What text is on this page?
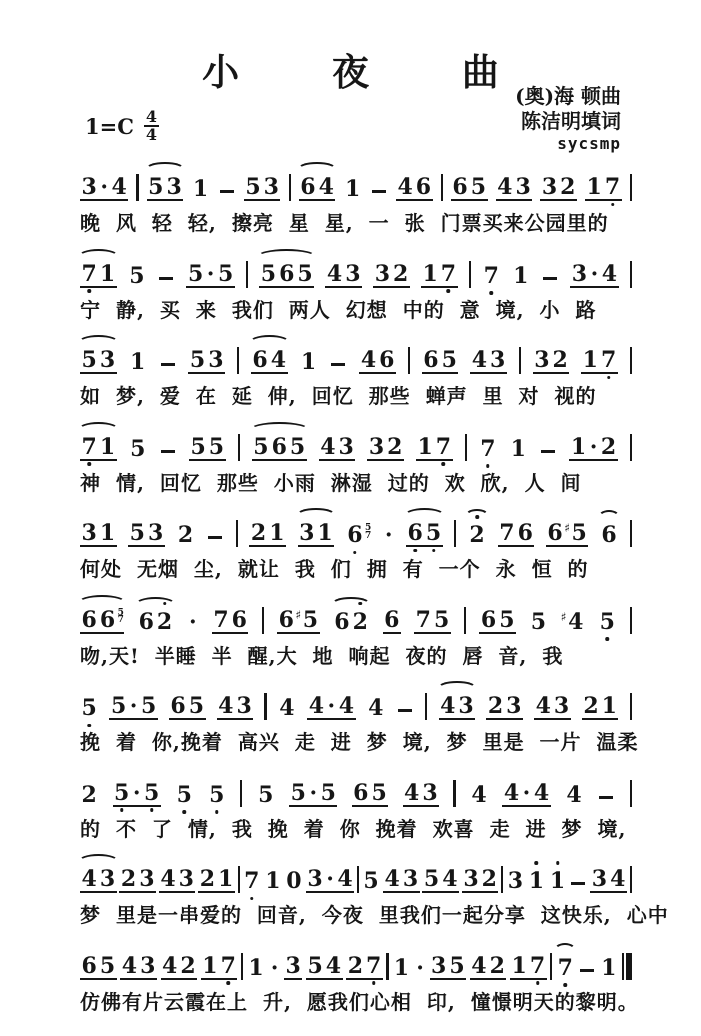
小 夜 曲
(奥)海 顿曲
陈洁明填词
sycsmp
$1=C \frac{4}{4}$
3 · 4 5 3 1 5 3 6 4 1 4 6 6 5 4 3 3 2 1 7
晚 风 轻 轻, 擦亮 星 星, 一 张 门票买来公园里的
7 1 5 5 · 5 5 6 5 4 3 3 2 1 7 7 1 3 · 4
宁 静, 买 来 我们 两人 幻想 中的 意 境, 小 路
5 3 1 5 3 6 4 1 4 6 6 5 4 3 3 2 1 7
如 梦, 爱 在 延 伸, 回忆 那些 蝉声 里 对 视的
7 1 5 5 5 5 6 5 4 3 3 2 1 7 7 1 1 · 2
神 情, 回忆 那些 小雨 淋湿 过的 欢 欣, 人 间
3 1 5 3 2	2 1 3 1 6 5
7 · 6 5 2 7 6 6 ♯ 5 6
何处 无烟 尘, 就让 我 们 拥 有 一个 永 恒 的
6 6 5
7 6 2 · 7 6 6 ♯ 5 6 2 6 7 5 6 5 5 ♯ 4 5
吻,天! 半睡 半 醒,大 地 响起 夜的 唇 音, 我
5 5 · 5 6 5 4 3 4 4 · 4 4	4 3 2 3 4 3 2 1
挽 着 你,挽着 高兴 走 进 梦 境, 梦 里是 一片 温柔
2 5 · 5 5 5 5 5 · 5 6 5 4 3 4 4 · 4 4
的 不 了 情, 我 挽 着 你 挽着 欢喜 走 进 梦 境,
4 3 2 3 4 3 2 1 7 1 0 3 · 4 5 4 3 5 4 3 2 3 1 1 3 4
梦 里是一串爱的 回音, 今夜 里我们一起分享 这快乐, 心中
6 5 4 3 4 2 1 7 1 · 3 5 4 2 7 1 · 3 5 4 2 1 7 7 1
仿佛有片云霞在上 升, 愿我们心相 印, 憧憬明天的黎明。
